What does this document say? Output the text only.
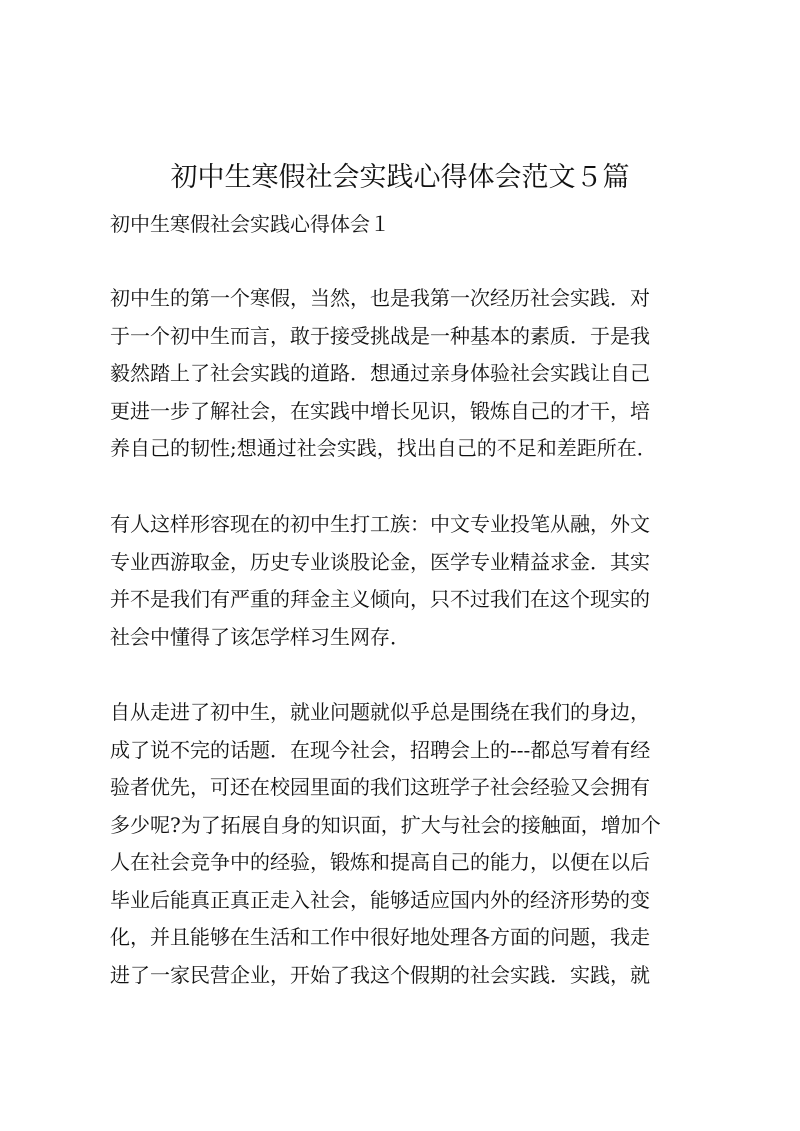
初中生寒假社会实践心得体会范文５篇

初中生寒假社会实践心得体会１

初中生的第一个寒假，当然，也是我第一次经历社会实践．对
于一个初中生而言，敢于接受挑战是一种基本的素质．于是我
毅然踏上了社会实践的道路．想通过亲身体验社会实践让自己
更进一步了解社会，在实践中增长见识，锻炼自己的才干，培
养自己的韧性;想通过社会实践，找出自己的不足和差距所在．
有人这样形容现在的初中生打工族：中文专业投笔从融，外文
专业西游取金，历史专业谈股论金，医学专业精益求金．其实
并不是我们有严重的拜金主义倾向，只不过我们在这个现实的
社会中懂得了该怎学样习生网存．
自从走进了初中生，就业问题就似乎总是围绕在我们的身边，
成了说不完的话题．在现今社会，招聘会上的---都总写着有经
验者优先，可还在校园里面的我们这班学子社会经验又会拥有
多少呢?为了拓展自身的知识面，扩大与社会的接触面，增加个
人在社会竞争中的经验，锻炼和提高自己的能力，以便在以后
毕业后能真正真正走入社会，能够适应国内外的经济形势的变
化，并且能够在生活和工作中很好地处理各方面的问题，我走
进了一家民营企业，开始了我这个假期的社会实践．实践，就
